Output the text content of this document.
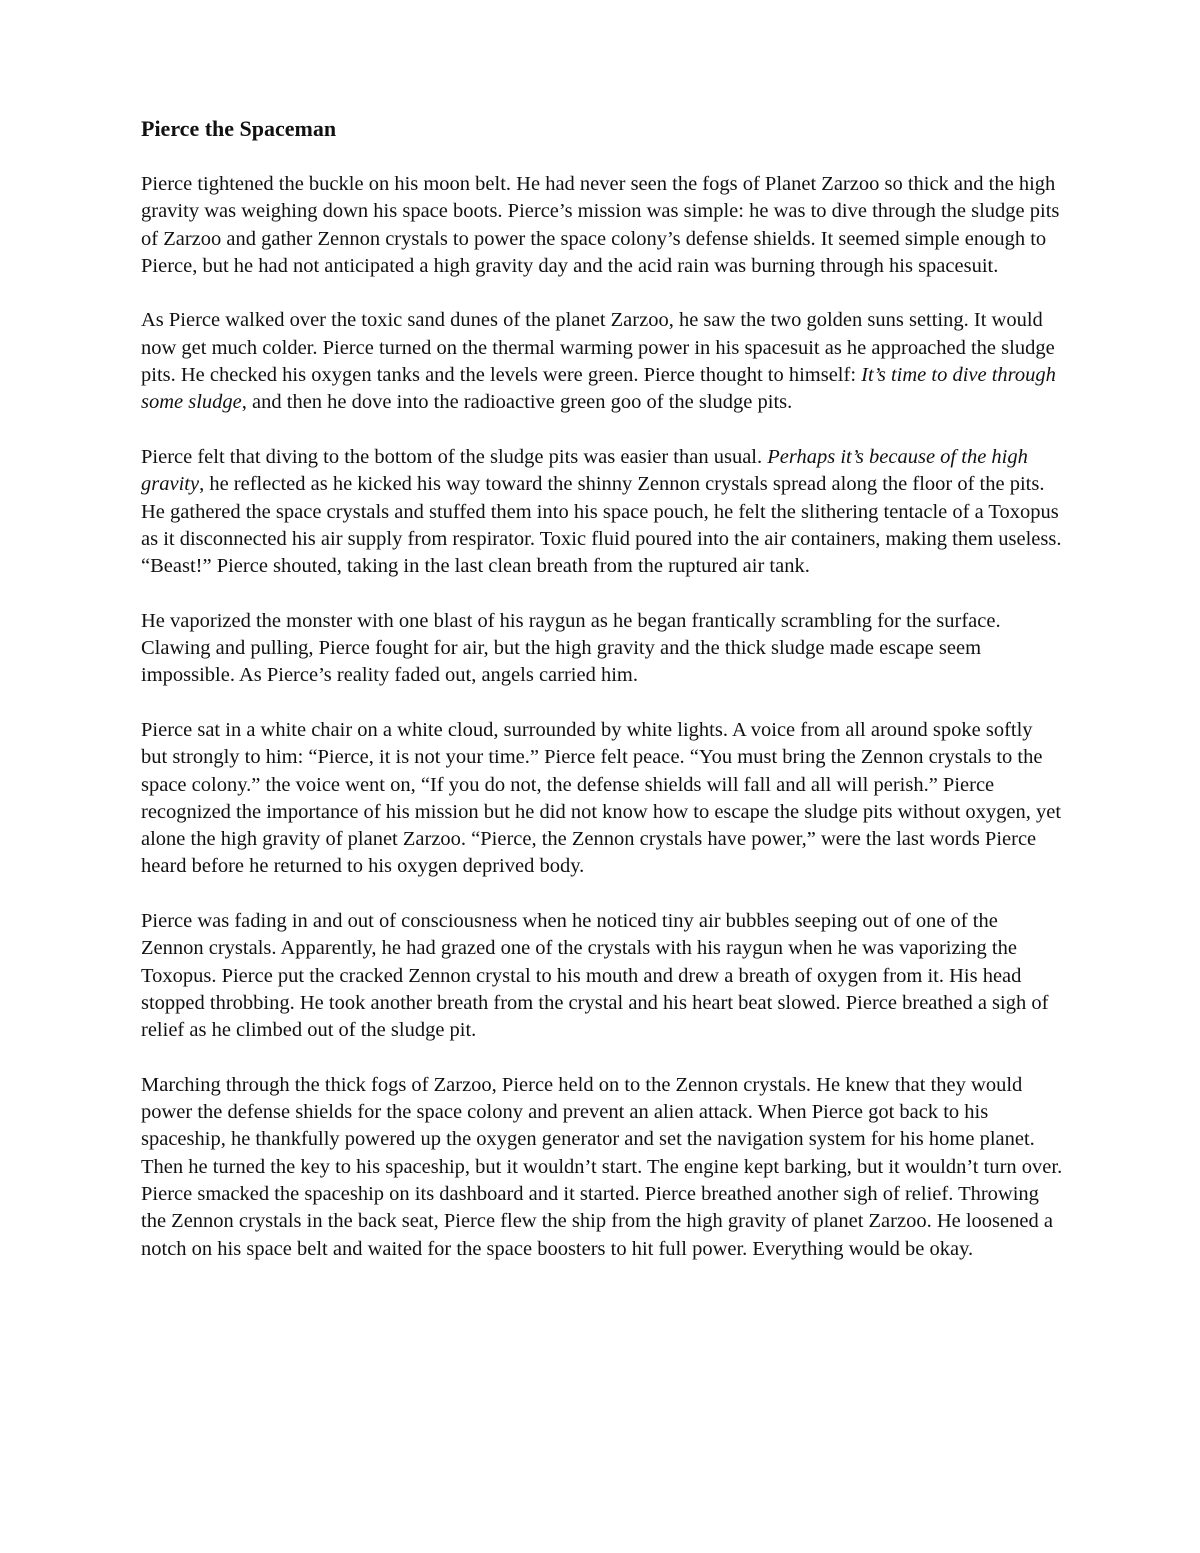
Pierce the Spaceman

Pierce tightened the buckle on his moon belt. He had never seen the fogs of Planet Zarzoo so thick and the high gravity was weighing down his space boots. Pierce’s mission was simple: he was to dive through the sludge pits of Zarzoo and gather Zennon crystals to power the space colony’s defense shields. It seemed simple enough to Pierce, but he had not anticipated a high gravity day and the acid rain was burning through his spacesuit.

As Pierce walked over the toxic sand dunes of the planet Zarzoo, he saw the two golden suns setting. It would now get much colder. Pierce turned on the thermal warming power in his spacesuit as he approached the sludge pits. He checked his oxygen tanks and the levels were green. Pierce thought to himself: It’s time to dive through some sludge, and then he dove into the radioactive green goo of the sludge pits.

Pierce felt that diving to the bottom of the sludge pits was easier than usual. Perhaps it’s because of the high gravity, he reflected as he kicked his way toward the shinny Zennon crystals spread along the floor of the pits. He gathered the space crystals and stuffed them into his space pouch, he felt the slithering tentacle of a Toxopus as it disconnected his air supply from respirator. Toxic fluid poured into the air containers, making them useless. “Beast!” Pierce shouted, taking in the last clean breath from the ruptured air tank.

He vaporized the monster with one blast of his raygun as he began frantically scrambling for the surface. Clawing and pulling, Pierce fought for air, but the high gravity and the thick sludge made escape seem impossible. As Pierce’s reality faded out, angels carried him.

Pierce sat in a white chair on a white cloud, surrounded by white lights. A voice from all around spoke softly but strongly to him: “Pierce, it is not your time.” Pierce felt peace. “You must bring the Zennon crystals to the space colony.” the voice went on, “If you do not, the defense shields will fall and all will perish.” Pierce recognized the importance of his mission but he did not know how to escape the sludge pits without oxygen, yet alone the high gravity of planet Zarzoo. “Pierce, the Zennon crystals have power,” were the last words Pierce heard before he returned to his oxygen deprived body.

Pierce was fading in and out of consciousness when he noticed tiny air bubbles seeping out of one of the Zennon crystals. Apparently, he had grazed one of the crystals with his raygun when he was vaporizing the Toxopus. Pierce put the cracked Zennon crystal to his mouth and drew a breath of oxygen from it. His head stopped throbbing. He took another breath from the crystal and his heart beat slowed. Pierce breathed a sigh of relief as he climbed out of the sludge pit.

Marching through the thick fogs of Zarzoo, Pierce held on to the Zennon crystals. He knew that they would power the defense shields for the space colony and prevent an alien attack. When Pierce got back to his spaceship, he thankfully powered up the oxygen generator and set the navigation system for his home planet. Then he turned the key to his spaceship, but it wouldn’t start. The engine kept barking, but it wouldn’t turn over. Pierce smacked the spaceship on its dashboard and it started. Pierce breathed another sigh of relief. Throwing the Zennon crystals in the back seat, Pierce flew the ship from the high gravity of planet Zarzoo. He loosened a notch on his space belt and waited for the space boosters to hit full power. Everything would be okay.
